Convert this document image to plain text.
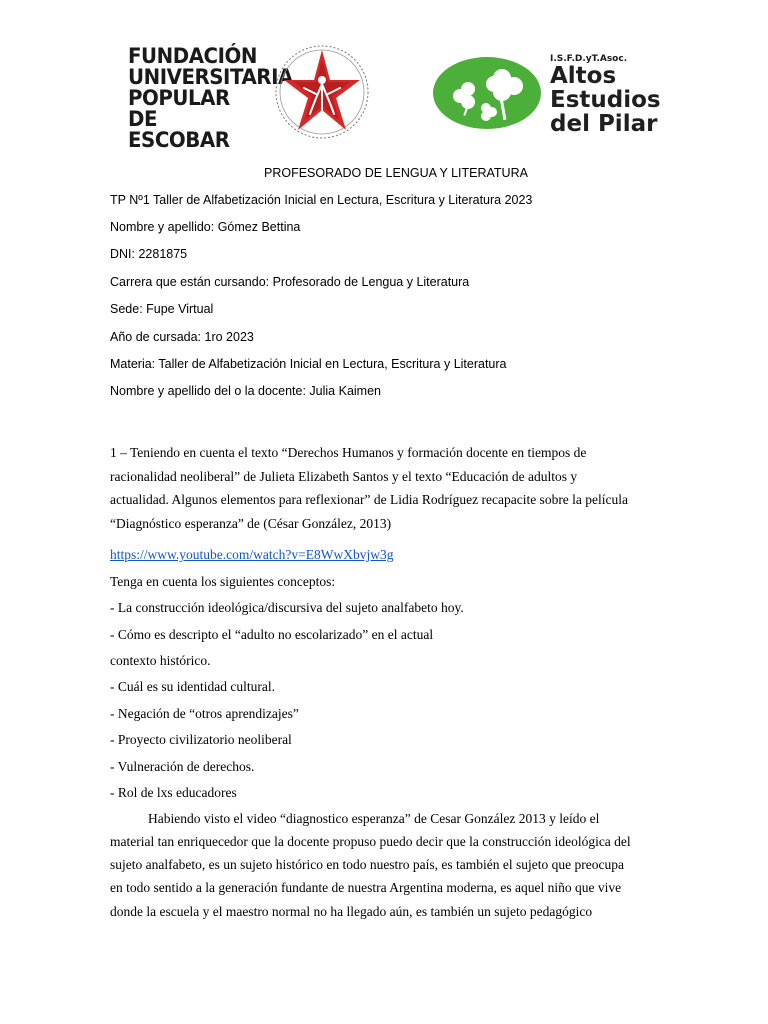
FUNDACIÓN
UNIVERSITARIA
POPULAR DE
ESCOBAR
I.S.F.D.yT.Asoc.
Altos
Estudios
del Pilar
PROFESORADO DE LENGUA Y LITERATURA
TP Nº1 Taller de Alfabetización Inicial en Lectura, Escritura y Literatura 2023
Nombre y apellido: Gómez Bettina
DNI: 2281875
Carrera que están cursando: Profesorado de Lengua y Literatura
Sede: Fupe Virtual
Año de cursada: 1ro 2023
Materia: Taller de Alfabetización Inicial en Lectura, Escritura y Literatura
Nombre y apellido del o la docente: Julia Kaimen
1 – Teniendo en cuenta el texto “Derechos Humanos y formación docente en tiempos de
racionalidad neoliberal” de Julieta Elizabeth Santos y el texto “Educación de adultos y
actualidad. Algunos elementos para reflexionar” de Lidia Rodríguez recapacite sobre la película
“Diagnóstico esperanza” de (César González, 2013)
https://www.youtube.com/watch?v=E8WwXbvjw3g
Tenga en cuenta los siguientes conceptos:
- La construcción ideológica/discursiva del sujeto analfabeto hoy.
- Cómo es descripto el “adulto no escolarizado” en el actual
contexto histórico.
- Cuál es su identidad cultural.
- Negación de “otros aprendizajes”
- Proyecto civilizatorio neoliberal
- Vulneración de derechos.
- Rol de lxs educadores
Habiendo visto el video “diagnostico esperanza” de Cesar González 2013 y leído el
material tan enriquecedor que la docente propuso puedo decir que la construcción ideológica del
sujeto analfabeto, es un sujeto histórico en todo nuestro país, es también el sujeto que preocupa
en todo sentido a la generación fundante de nuestra Argentina moderna, es aquel niño que vive
donde la escuela y el maestro normal no ha llegado aún, es también un sujeto pedagógico
